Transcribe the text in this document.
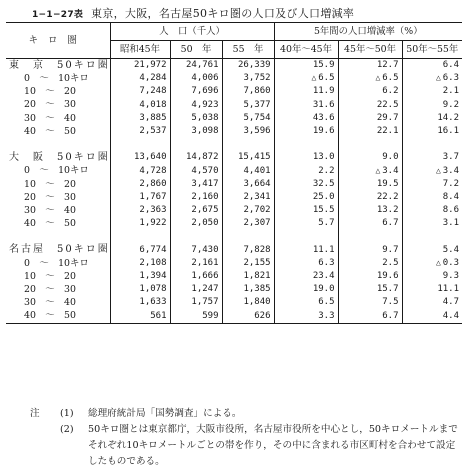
1−1−27表 東京，大阪，名古屋50キロ圏の人口及び人口増減率
キロ圏	人　口（千人）			5年間の人口増減率（%）		
	昭和45年	50　年	55　年	40年〜45年	45年〜50年	50年〜55年
東　京　50キロ圏	21,972	24,761	26,339	15.9	12.7	6.4
0　〜　10キロ	4,284	4,006	3,752	△ 6.5	△ 6.5	△ 6.3
10　〜　20	7,248	7,696	7,860	11.9	6.2	2.1
20　〜　30	4,018	4,923	5,377	31.6	22.5	9.2
30　〜　40	3,885	5,038	5,754	43.6	29.7	14.2
40　〜　50	2,537	3,098	3,596	19.6	22.1	16.1

大　阪　50キロ圏	13,640	14,872	15,415	13.0	9.0	3.7
0　〜　10キロ	4,728	4,570	4,401	2.2	△ 3.4	△ 3.4
10　〜　20	2,860	3,417	3,664	32.5	19.5	7.2
20　〜　30	1,767	2,160	2,341	25.0	22.2	8.4
30　〜　40	2,363	2,675	2,702	15.5	13.2	8.6
40　〜　50	1,922	2,050	2,307	5.7	6.7	3.1

名古屋　50キロ圏	6,774	7,430	7,828	11.1	9.7	5.4
0　〜　10キロ	2,108	2,161	2,155	6.3	2.5	△ 0.3
10　〜　20	1,394	1,666	1,821	23.4	19.6	9.3
20　〜　30	1,078	1,247	1,385	19.0	15.7	11.1
30　〜　40	1,633	1,757	1,840	6.5	7.5	4.7
40　〜　50	561	599	626	3.3	6.7	4.4
注 (1) 総理府統計局「国勢調査」による。
(2) 50キロ圏とは東京都庁，大阪市役所，名古屋市役所を中心とし，50キロメートルまでそれぞれ10キロメートルごとの帯を作り，その中に含まれる市区町村を合わせて設定したものである。
